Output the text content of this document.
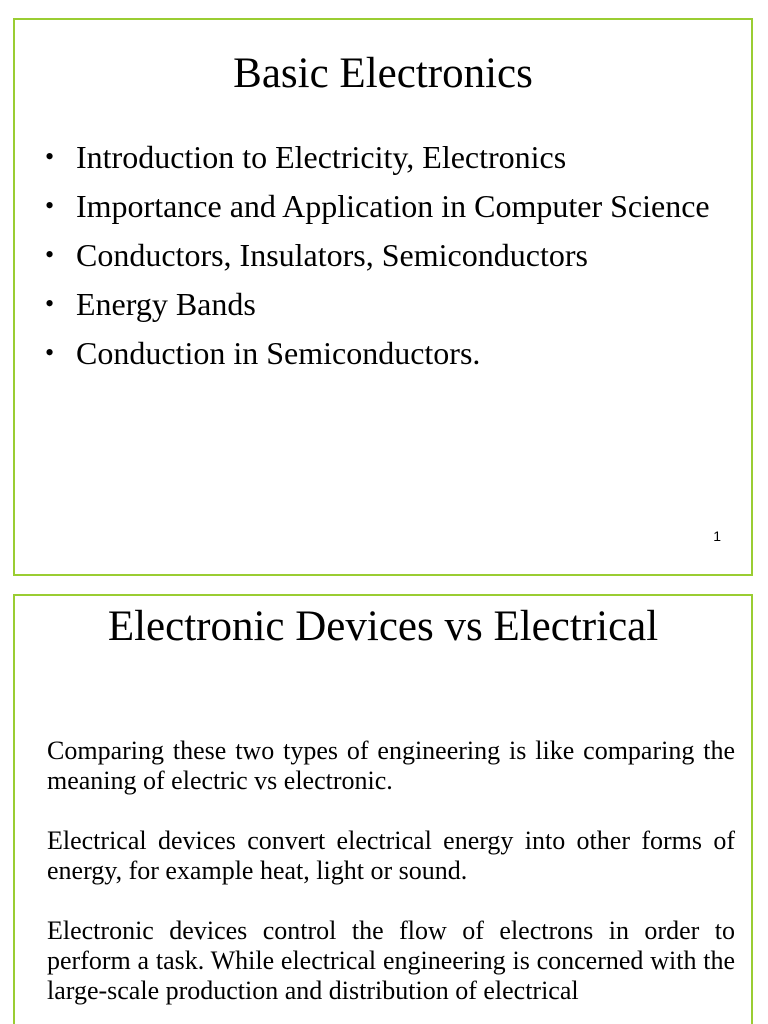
Basic Electronics
• Introduction to Electricity, Electronics
• Importance and Application in Computer Science
• Conductors, Insulators, Semiconductors
• Energy Bands
• Conduction in Semiconductors.
1
Electronic Devices vs Electrical

Comparing these two types of engineering is like comparing the meaning of electric vs electronic.

Electrical devices convert electrical energy into other forms of energy, for example heat, light or sound.

Electronic devices control the flow of electrons in order to perform a task. While electrical engineering is concerned with the large-scale production and distribution of electrical
